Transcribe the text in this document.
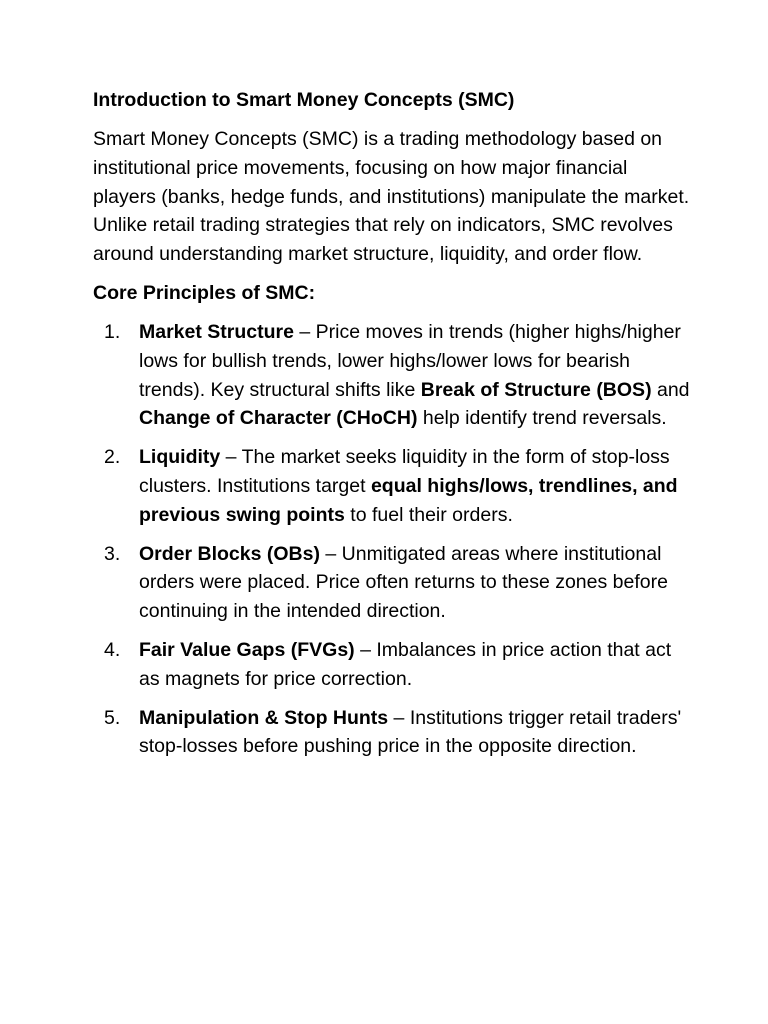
Introduction to Smart Money Concepts (SMC)

Smart Money Concepts (SMC) is a trading methodology based on institutional price movements, focusing on how major financial players (banks, hedge funds, and institutions) manipulate the market. Unlike retail trading strategies that rely on indicators, SMC revolves around understanding market structure, liquidity, and order flow.

Core Principles of SMC:

1. Market Structure – Price moves in trends (higher highs/higher lows for bullish trends, lower highs/lower lows for bearish trends). Key structural shifts like Break of Structure (BOS) and Change of Character (CHoCH) help identify trend reversals.
2. Liquidity – The market seeks liquidity in the form of stop-loss clusters. Institutions target equal highs/lows, trendlines, and previous swing points to fuel their orders.
3. Order Blocks (OBs) – Unmitigated areas where institutional orders were placed. Price often returns to these zones before continuing in the intended direction.
4. Fair Value Gaps (FVGs) – Imbalances in price action that act as magnets for price correction.
5. Manipulation & Stop Hunts – Institutions trigger retail traders' stop-losses before pushing price in the opposite direction.
